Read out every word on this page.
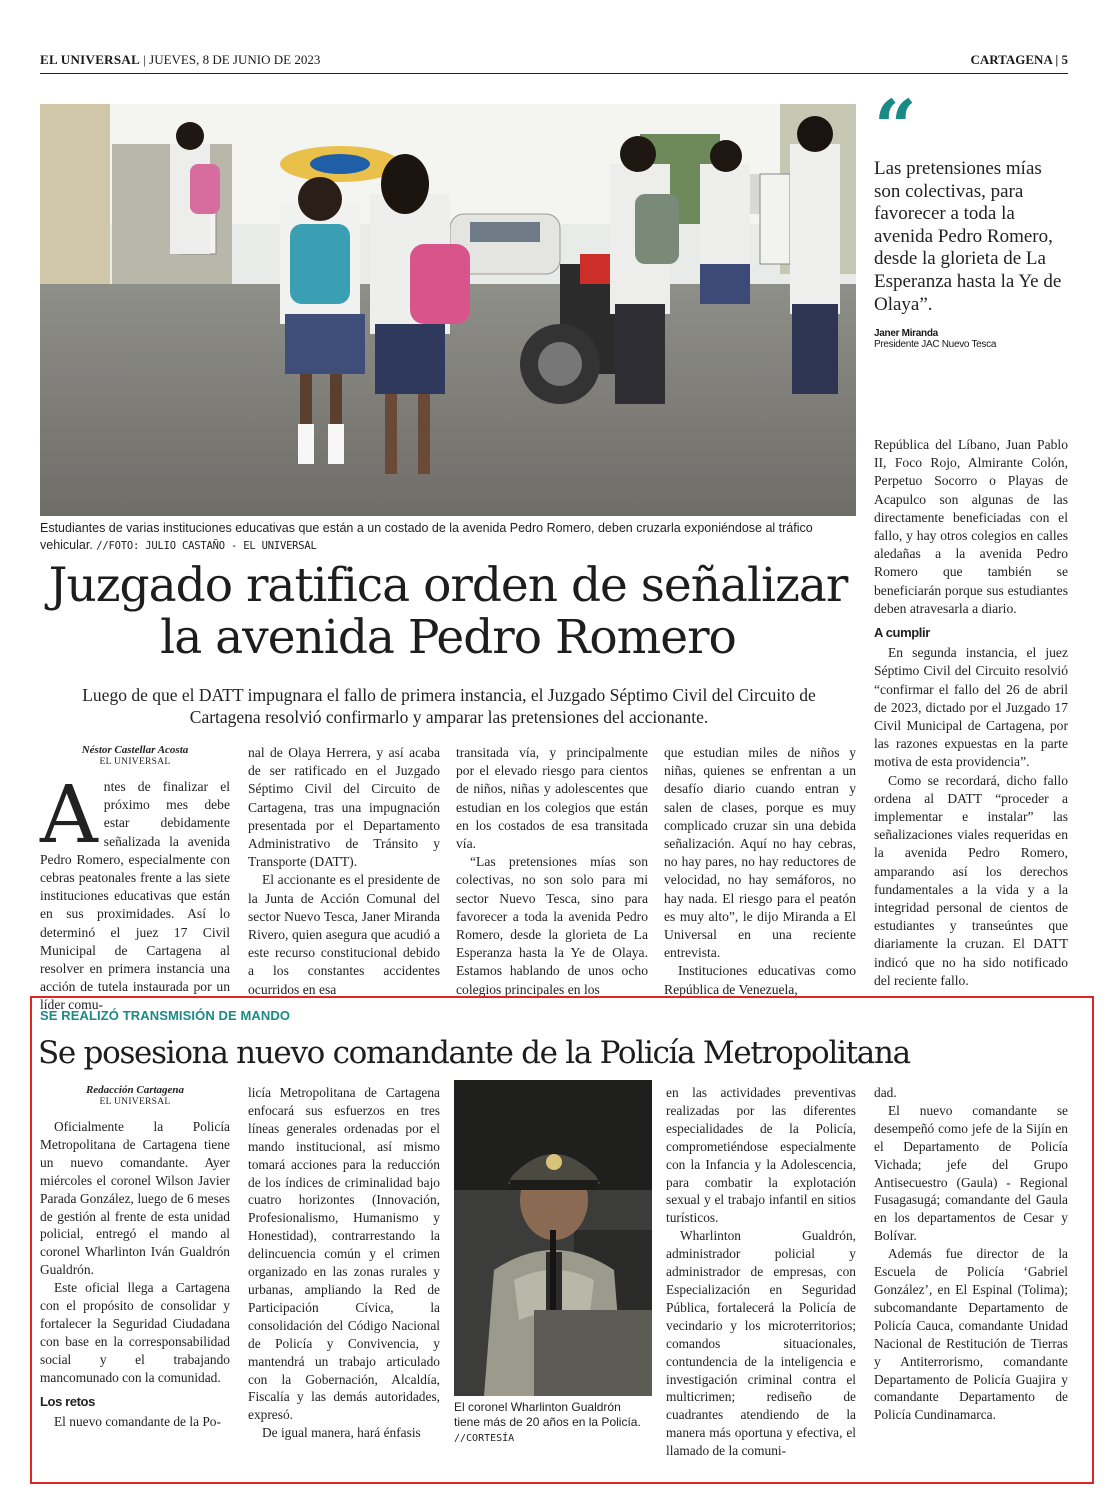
EL UNIVERSAL | JUEVES, 8 DE JUNIO DE 2023	CARTAGENA | 5
Estudiantes de varias instituciones educativas que están a un costado de la avenida Pedro Romero, deben cruzarla exponiéndose al tráfico vehicular. //FOTO: JULIO CASTAÑO - EL UNIVERSAL
“
Las pretensiones mías son colectivas, para favorecer a toda la avenida Pedro Romero, desde la glorieta de La Esperanza hasta la Ye de Olaya”.
Janer Miranda
Presidente JAC Nuevo Tesca
Juzgado ratifica orden de señalizar
la avenida Pedro Romero
Luego de que el DATT impugnara el fallo de primera instancia, el Juzgado Séptimo Civil del Circuito de Cartagena resolvió confirmarlo y amparar las pretensiones del accionante.
Néstor Castellar Acosta
EL UNIVERSAL

Antes de finalizar el próximo mes debe estar debidamente señalizada la avenida Pedro Romero, especialmente con cebras peatonales frente a las siete instituciones educativas que están en sus proximidades. Así lo determinó el juez 17 Civil Municipal de Cartagena al resolver en primera instancia una acción de tutela instaurada por un líder comu-

nal de Olaya Herrera, y así acaba de ser ratificado en el Juzgado Séptimo Civil del Circuito de Cartagena, tras una impugnación presentada por el Departamento Administrativo de Tránsito y Transporte (DATT).

El accionante es el presidente de la Junta de Acción Comunal del sector Nuevo Tesca, Janer Miranda Rivero, quien asegura que acudió a este recurso constitucional debido a los constantes accidentes ocurridos en esa

transitada vía, y principalmente por el elevado riesgo para cientos de niños, niñas y adolescentes que estudian en los colegios que están en los costados de esa transitada vía.

“Las pretensiones mías son colectivas, no son solo para mi sector Nuevo Tesca, sino para favorecer a toda la avenida Pedro Romero, desde la glorieta de La Esperanza hasta la Ye de Olaya. Estamos hablando de unos ocho colegios principales en los

que estudian miles de niños y niñas, quienes se enfrentan a un desafío diario cuando entran y salen de clases, porque es muy complicado cruzar sin una debida señalización. Aquí no hay cebras, no hay pares, no hay reductores de velocidad, no hay semáforos, no hay nada. El riesgo para el peatón es muy alto”, le dijo Miranda a El Universal en una reciente entrevista.

Instituciones educativas como República de Venezuela,

República del Líbano, Juan Pablo II, Foco Rojo, Almirante Colón, Perpetuo Socorro o Playas de Acapulco son algunas de las directamente beneficiadas con el fallo, y hay otros colegios en calles aledañas a la avenida Pedro Romero que también se beneficiarán porque sus estudiantes deben atravesarla a diario.

A cumplir

En segunda instancia, el juez Séptimo Civil del Circuito resolvió “confirmar el fallo del 26 de abril de 2023, dictado por el Juzgado 17 Civil Municipal de Cartagena, por las razones expuestas en la parte motiva de esta providencia”.

Como se recordará, dicho fallo ordena al DATT “proceder a implementar e instalar” las señalizaciones viales requeridas en la avenida Pedro Romero, amparando así los derechos fundamentales a la vida y a la integridad personal de cientos de estudiantes y transeúntes que diariamente la cruzan. El DATT indicó que no ha sido notificado del reciente fallo.

SE REALIZÓ TRANSMISIÓN DE MANDO
Se posesiona nuevo comandante de la Policía Metropolitana
Redacción Cartagena
EL UNIVERSAL

Oficialmente la Policía Metropolitana de Cartagena tiene un nuevo comandante. Ayer miércoles el coronel Wilson Javier Parada González, luego de 6 meses de gestión al frente de esta unidad policial, entregó el mando al coronel Wharlinton Iván Gualdrón Gualdrón.

Este oficial llega a Cartagena con el propósito de consolidar y fortalecer la Seguridad Ciudadana con base en la corresponsabilidad social y el trabajando mancomunado con la comunidad.

Los retos

El nuevo comandante de la Po-

licía Metropolitana de Cartagena enfocará sus esfuerzos en tres líneas generales ordenadas por el mando institucional, así mismo tomará acciones para la reducción de los índices de criminalidad bajo cuatro horizontes (Innovación, Profesionalismo, Humanismo y Honestidad), contrarrestando la delincuencia común y el crimen organizado en las zonas rurales y urbanas, ampliando la Red de Participación Cívica, la consolidación del Código Nacional de Policía y Convivencia, y mantendrá un trabajo articulado con la Gobernación, Alcaldía, Fiscalía y las demás autoridades, expresó.

De igual manera, hará énfasis

El coronel Wharlinton Gualdrón tiene más de 20 años en la Policía. //CORTESÍA

en las actividades preventivas realizadas por las diferentes especialidades de la Policía, comprometiéndose especialmente con la Infancia y la Adolescencia, para combatir la explotación sexual y el trabajo infantil en sitios turísticos.

Wharlinton Gualdrón, administrador policial y administrador de empresas, con Especialización en Seguridad Pública, fortalecerá la Policía de vecindario y los microterritorios; comandos situacionales, contundencia de la inteligencia e investigación criminal contra el multicrimen; rediseño de cuadrantes atendiendo de la manera más oportuna y efectiva, el llamado de la comuni-

dad.

El nuevo comandante se desempeñó como jefe de la Sijín en el Departamento de Policía Vichada; jefe del Grupo Antisecuestro (Gaula) - Regional Fusagasugá; comandante del Gaula en los departamentos de Cesar y Bolívar.

Además fue director de la Escuela de Policía ‘Gabriel González’, en El Espinal (Tolima); subcomandante Departamento de Policía Cauca, comandante Unidad Nacional de Restitución de Tierras y Antiterrorismo, comandante Departamento de Policía Guajira y comandante Departamento de Policía Cundinamarca.
